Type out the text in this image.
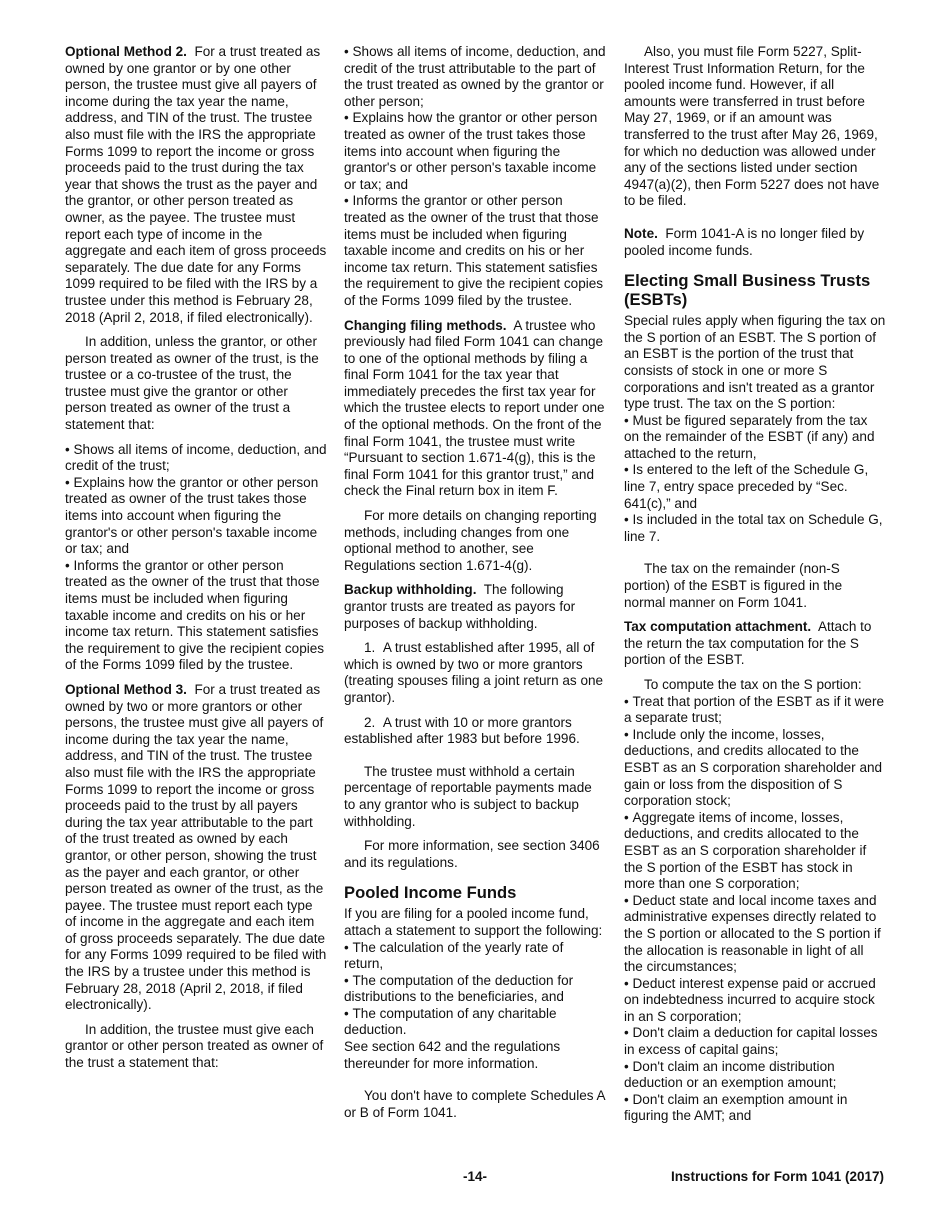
Optional Method 2. For a trust treated as owned by one grantor or by one other person, the trustee must give all payers of income during the tax year the name, address, and TIN of the trust. The trustee also must file with the IRS the appropriate Forms 1099 to report the income or gross proceeds paid to the trust during the tax year that shows the trust as the payer and the grantor, or other person treated as owner, as the payee. The trustee must report each type of income in the aggregate and each item of gross proceeds separately. The due date for any Forms 1099 required to be filed with the IRS by a trustee under this method is February 28, 2018 (April 2, 2018, if filed electronically).

In addition, unless the grantor, or other person treated as owner of the trust, is the trustee or a co-trustee of the trust, the trustee must give the grantor or other person treated as owner of the trust a statement that:

• Shows all items of income, deduction, and credit of the trust;
• Explains how the grantor or other person treated as owner of the trust takes those items into account when figuring the grantor's or other person's taxable income or tax; and
• Informs the grantor or other person treated as the owner of the trust that those items must be included when figuring taxable income and credits on his or her income tax return. This statement satisfies the requirement to give the recipient copies of the Forms 1099 filed by the trustee.

Optional Method 3. For a trust treated as owned by two or more grantors or other persons, the trustee must give all payers of income during the tax year the name, address, and TIN of the trust. The trustee also must file with the IRS the appropriate Forms 1099 to report the income or gross proceeds paid to the trust by all payers during the tax year attributable to the part of the trust treated as owned by each grantor, or other person, showing the trust as the payer and each grantor, or other person treated as owner of the trust, as the payee. The trustee must report each type of income in the aggregate and each item of gross proceeds separately. The due date for any Forms 1099 required to be filed with the IRS by a trustee under this method is February 28, 2018 (April 2, 2018, if filed electronically).

In addition, the trustee must give each grantor or other person treated as owner of the trust a statement that:

• Shows all items of income, deduction, and credit of the trust attributable to the part of the trust treated as owned by the grantor or other person;
• Explains how the grantor or other person treated as owner of the trust takes those items into account when figuring the grantor's or other person's taxable income or tax; and
• Informs the grantor or other person treated as the owner of the trust that those items must be included when figuring taxable income and credits on his or her income tax return. This statement satisfies the requirement to give the recipient copies of the Forms 1099 filed by the trustee.

Changing filing methods. A trustee who previously had filed Form 1041 can change to one of the optional methods by filing a final Form 1041 for the tax year that immediately precedes the first tax year for which the trustee elects to report under one of the optional methods. On the front of the final Form 1041, the trustee must write “Pursuant to section 1.671-4(g), this is the final Form 1041 for this grantor trust,” and check the Final return box in item F.

For more details on changing reporting methods, including changes from one optional method to another, see Regulations section 1.671-4(g).

Backup withholding. The following grantor trusts are treated as payors for purposes of backup withholding.

1.  A trust established after 1995, all of which is owned by two or more grantors (treating spouses filing a joint return as one grantor).

2.  A trust with 10 or more grantors established after 1983 but before 1996.

The trustee must withhold a certain percentage of reportable payments made to any grantor who is subject to backup withholding.

For more information, see section 3406 and its regulations.

Pooled Income Funds

If you are filing for a pooled income fund, attach a statement to support the following:

• The calculation of the yearly rate of return,
• The computation of the deduction for distributions to the beneficiaries, and
• The computation of any charitable deduction.

See section 642 and the regulations thereunder for more information.

You don't have to complete Schedules A or B of Form 1041.

Also, you must file Form 5227, Split-Interest Trust Information Return, for the pooled income fund. However, if all amounts were transferred in trust before May 27, 1969, or if an amount was transferred to the trust after May 26, 1969, for which no deduction was allowed under any of the sections listed under section 4947(a)(2), then Form 5227 does not have to be filed.

Note. Form 1041-A is no longer filed by pooled income funds.

Electing Small Business Trusts (ESBTs)

Special rules apply when figuring the tax on the S portion of an ESBT. The S portion of an ESBT is the portion of the trust that consists of stock in one or more S corporations and isn't treated as a grantor type trust. The tax on the S portion:

• Must be figured separately from the tax on the remainder of the ESBT (if any) and attached to the return,
• Is entered to the left of the Schedule G, line 7, entry space preceded by “Sec. 641(c),” and
• Is included in the total tax on Schedule G, line 7.

The tax on the remainder (non-S portion) of the ESBT is figured in the normal manner on Form 1041.

Tax computation attachment. Attach to the return the tax computation for the S portion of the ESBT.

To compute the tax on the S portion:

• Treat that portion of the ESBT as if it were a separate trust;
• Include only the income, losses, deductions, and credits allocated to the ESBT as an S corporation shareholder and gain or loss from the disposition of S corporation stock;
• Aggregate items of income, losses, deductions, and credits allocated to the ESBT as an S corporation shareholder if the S portion of the ESBT has stock in more than one S corporation;
• Deduct state and local income taxes and administrative expenses directly related to the S portion or allocated to the S portion if the allocation is reasonable in light of all the circumstances;
• Deduct interest expense paid or accrued on indebtedness incurred to acquire stock in an S corporation;
• Don't claim a deduction for capital losses in excess of capital gains;
• Don't claim an income distribution deduction or an exemption amount;
• Don't claim an exemption amount in figuring the AMT; and
-14-	Instructions for Form 1041 (2017)
